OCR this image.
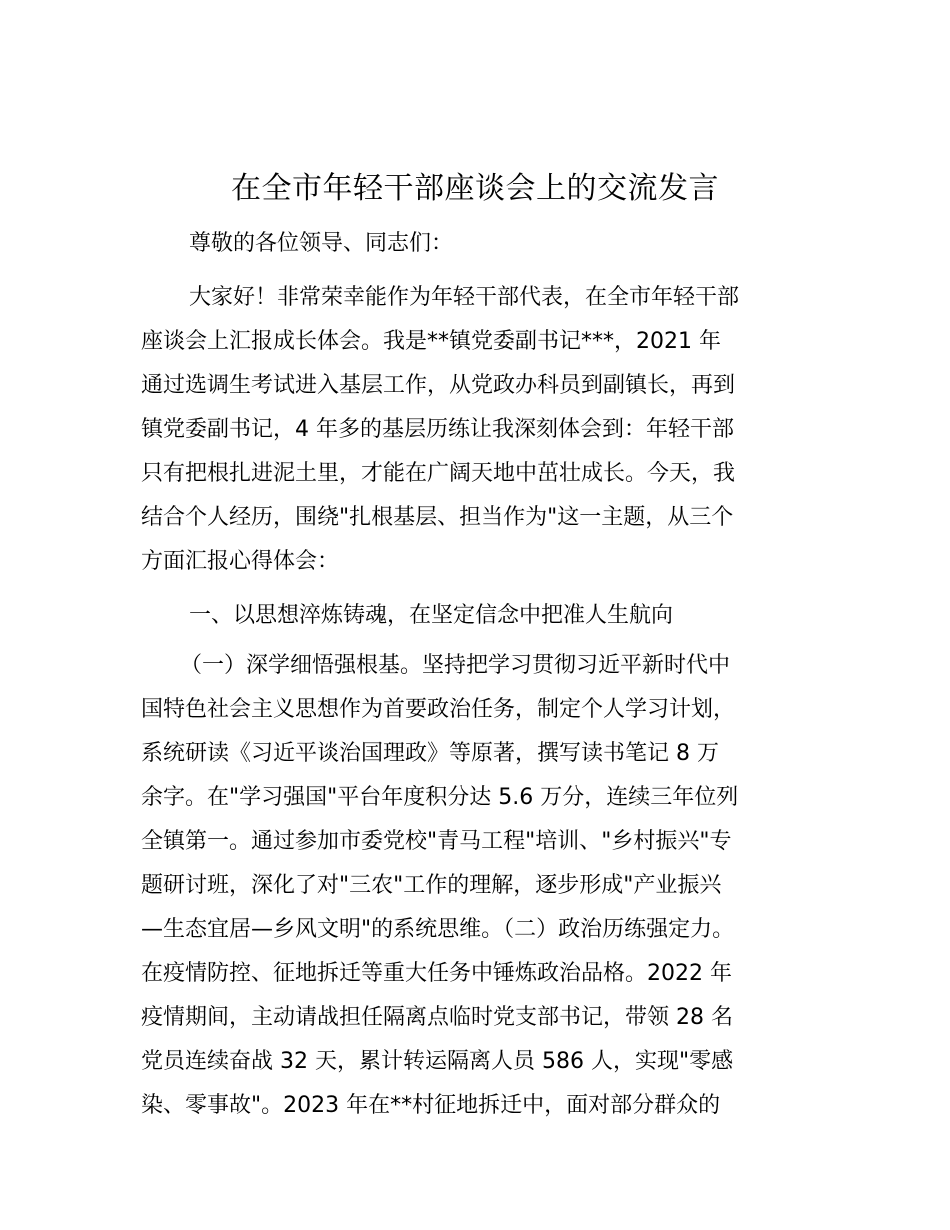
在全市年轻干部座谈会上的交流发言
尊敬的各位领导、同志们：
大家好！非常荣幸能作为年轻干部代表，在全市年轻干部
座谈会上汇报成长体会。我是**镇党委副书记***，2021 年
通过选调生考试进入基层工作，从党政办科员到副镇长，再到
镇党委副书记，4 年多的基层历练让我深刻体会到：年轻干部
只有把根扎进泥土里，才能在广阔天地中茁壮成长。今天，我
结合个人经历，围绕"扎根基层、担当作为"这一主题，从三个
方面汇报心得体会：
一、以思想淬炼铸魂，在坚定信念中把准人生航向
（一）深学细悟强根基。坚持把学习贯彻习近平新时代中
国特色社会主义思想作为首要政治任务，制定个人学习计划，
系统研读《习近平谈治国理政》等原著，撰写读书笔记 8 万
余字。在"学习强国"平台年度积分达 5.6 万分，连续三年位列
全镇第一。通过参加市委党校"青马工程"培训、"乡村振兴"专
题研讨班，深化了对"三农"工作的理解，逐步形成"产业振兴
—生态宜居—乡风文明"的系统思维。（二）政治历练强定力。
在疫情防控、征地拆迁等重大任务中锤炼政治品格。2022 年
疫情期间，主动请战担任隔离点临时党支部书记，带领 28 名
党员连续奋战 32 天，累计转运隔离人员 586 人，实现"零感
染、零事故"。2023 年在**村征地拆迁中，面对部分群众的
